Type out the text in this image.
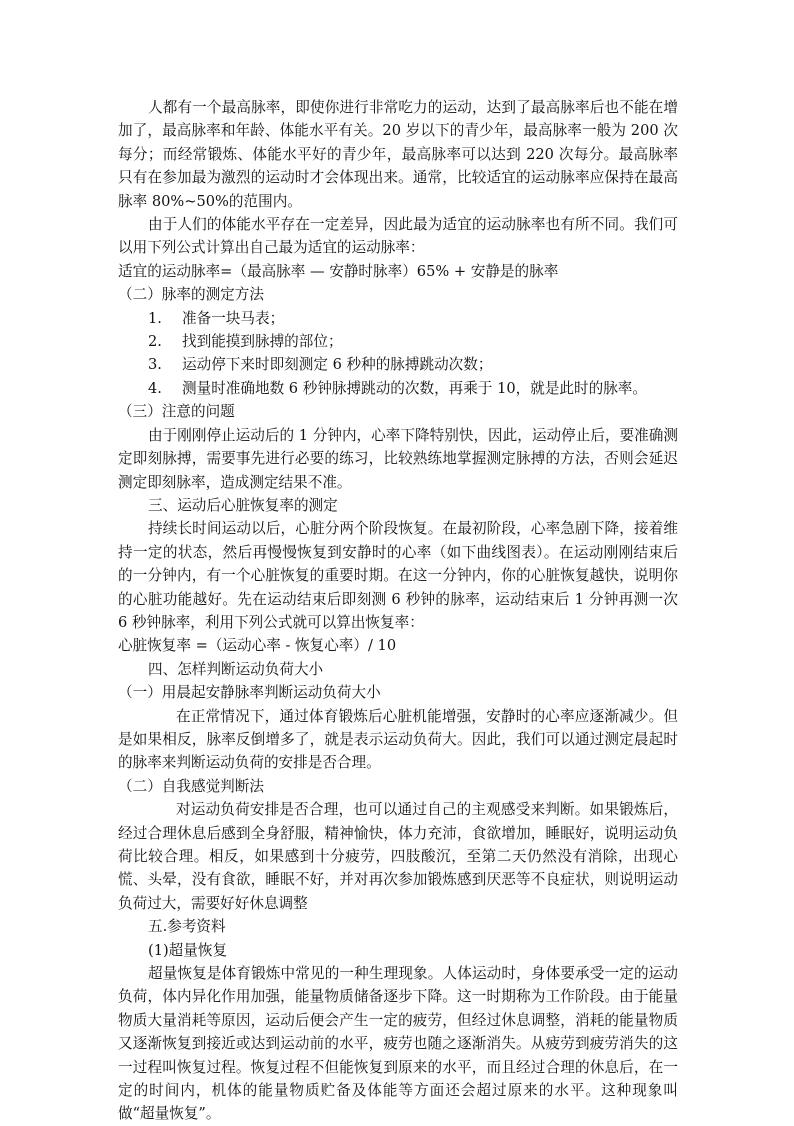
人都有一个最高脉率，即使你进行非常吃力的运动，达到了最高脉率后也不能在增加了，最高脉率和年龄、体能水平有关。20 岁以下的青少年，最高脉率一般为 200 次每分；而经常锻炼、体能水平好的青少年，最高脉率可以达到 220 次每分。最高脉率只有在参加最为激烈的运动时才会体现出来。通常，比较适宜的运动脉率应保持在最高脉率 80%~50%的范围内。

由于人们的体能水平存在一定差异，因此最为适宜的运动脉率也有所不同。我们可以用下列公式计算出自己最为适宜的运动脉率：

适宜的运动脉率=（最高脉率 — 安静时脉率）65% + 安静是的脉率

（二）脉率的测定方法

1.	准备一块马表；
2.	找到能摸到脉搏的部位；
3.	运动停下来时即刻测定 6 秒种的脉搏跳动次数；
4.	测量时准确地数 6 秒钟脉搏跳动的次数，再乘于 10，就是此时的脉率。

（三）注意的问题

由于刚刚停止运动后的 1 分钟内，心率下降特别快，因此，运动停止后，要准确测定即刻脉搏，需要事先进行必要的练习，比较熟练地掌握测定脉搏的方法，否则会延迟测定即刻脉率，造成测定结果不准。

三、运动后心脏恢复率的测定

持续长时间运动以后，心脏分两个阶段恢复。在最初阶段，心率急剧下降，接着维持一定的状态，然后再慢慢恢复到安静时的心率（如下曲线图表）。在运动刚刚结束后的一分钟内，有一个心脏恢复的重要时期。在这一分钟内，你的心脏恢复越快，说明你的心脏功能越好。先在运动结束后即刻测 6 秒钟的脉率，运动结束后 1 分钟再测一次 6 秒钟脉率，利用下列公式就可以算出恢复率：

心脏恢复率 =（运动心率 - 恢复心率）/ 10

四、怎样判断运动负荷大小

（一）用晨起安静脉率判断运动负荷大小

在正常情况下，通过体育锻炼后心脏机能增强，安静时的心率应逐渐减少。但是如果相反，脉率反倒增多了，就是表示运动负荷大。因此，我们可以通过测定晨起时的脉率来判断运动负荷的安排是否合理。

（二）自我感觉判断法

对运动负荷安排是否合理，也可以通过自己的主观感受来判断。如果锻炼后，经过合理休息后感到全身舒服，精神愉快，体力充沛，食欲增加，睡眠好，说明运动负荷比较合理。相反，如果感到十分疲劳，四肢酸沉，至第二天仍然没有消除，出现心慌、头晕，没有食欲，睡眠不好，并对再次参加锻炼感到厌恶等不良症状，则说明运动负荷过大，需要好好休息调整

五.参考资料

(1)超量恢复

超量恢复是体育锻炼中常见的一种生理现象。人体运动时，身体要承受一定的运动负荷，体内异化作用加强，能量物质储备逐步下降。这一时期称为工作阶段。由于能量物质大量消耗等原因，运动后便会产生一定的疲劳，但经过休息调整，消耗的能量物质又逐渐恢复到接近或达到运动前的水平，疲劳也随之逐渐消失。从疲劳到疲劳消失的这一过程叫恢复过程。恢复过程不但能恢复到原来的水平，而且经过合理的休息后，在一定的时间内，机体的能量物质贮备及体能等方面还会超过原来的水平。这种现象叫做“超量恢复”。
